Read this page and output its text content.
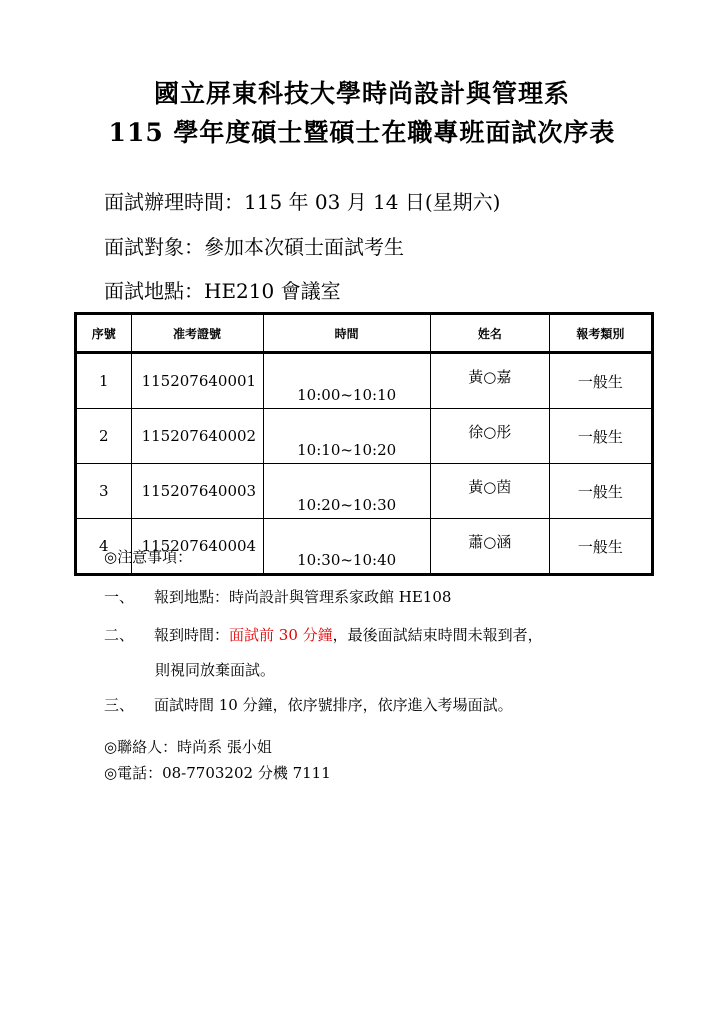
國立屏東科技大學時尚設計與管理系
115 學年度碩士暨碩士在職專班面試次序表
面試辦理時間：115 年 03 月 14 日(星期六)
面試對象：參加本次碩士面試考生
面試地點：HE210 會議室
序號	准考證號	時間	姓名	報考類別
1	115207640001	10:00~10:10	黃○嘉	一般生
2	115207640002	10:10~10:20	徐○彤	一般生
3	115207640003	10:20~10:30	黃○茵	一般生
4	115207640004	10:30~10:40	蕭○涵	一般生
◎注意事項：
一、 報到地點：時尚設計與管理系家政館 HE108
二、 報到時間：面試前 30 分鐘，最後面試結束時間未報到者，
則視同放棄面試。
三、 面試時間 10 分鐘，依序號排序，依序進入考場面試。
◎聯絡人：時尚系 張小姐
◎電話：08-7703202 分機 7111
